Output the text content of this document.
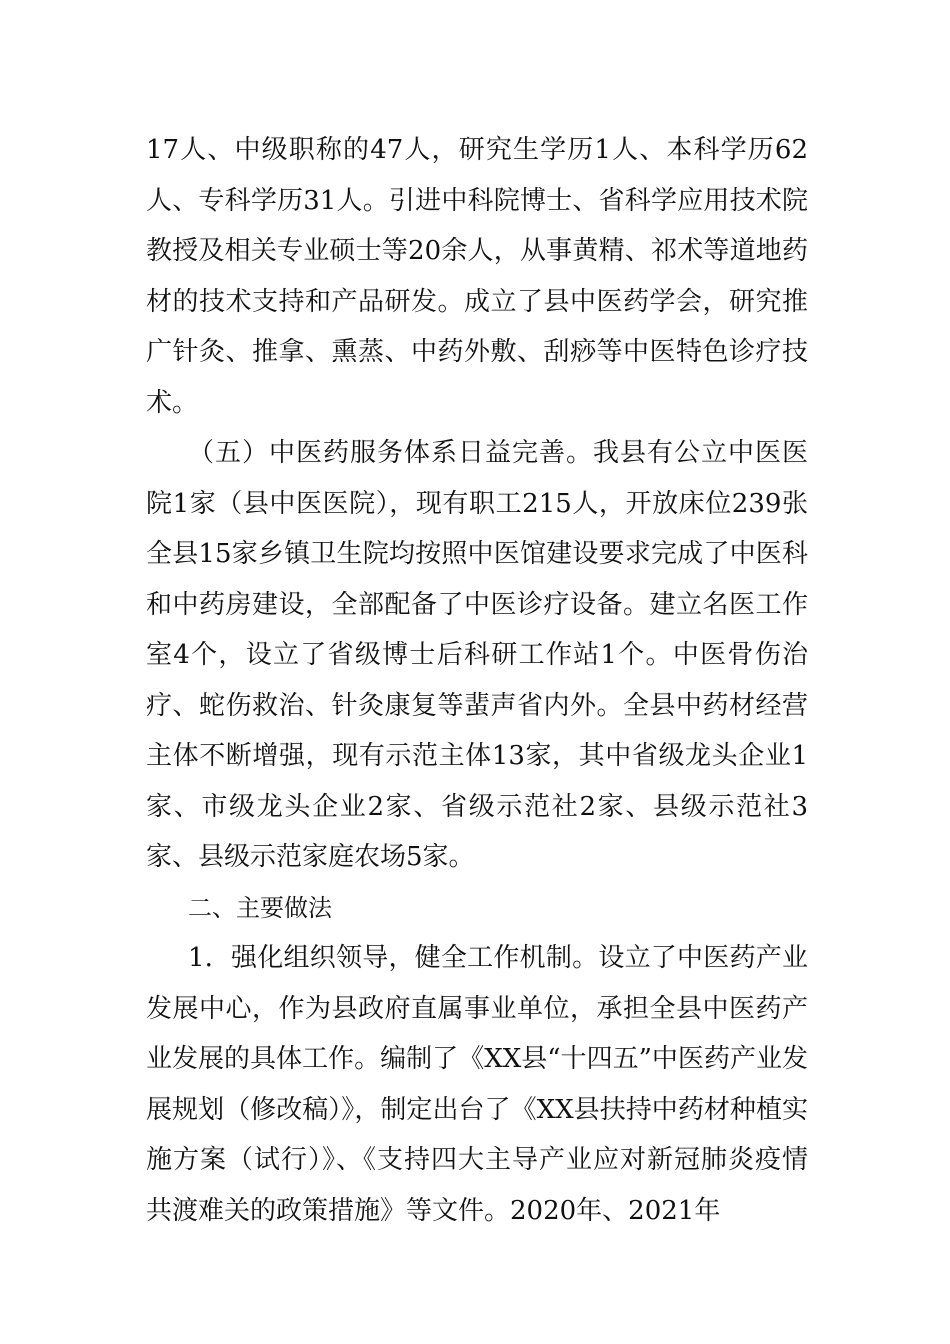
17人、中级职称的47人，研究生学历1人、本科学历62人、专科学历31人。引进中科院博士、省科学应用技术院教授及相关专业硕士等20余人，从事黄精、祁术等道地药材的技术支持和产品研发。成立了县中医药学会，研究推广针灸、推拿、熏蒸、中药外敷、刮痧等中医特色诊疗技术。

（五）中医药服务体系日益完善。我县有公立中医医院1家（县中医医院），现有职工215人，开放床位239张全县15家乡镇卫生院均按照中医馆建设要求完成了中医科和中药房建设，全部配备了中医诊疗设备。建立名医工作室4个，设立了省级博士后科研工作站1个。中医骨伤治疗、蛇伤救治、针灸康复等蜚声省内外。全县中药材经营主体不断增强，现有示范主体13家，其中省级龙头企业1家、市级龙头企业2家、省级示范社2家、县级示范社3家、县级示范家庭农场5家。

二、主要做法

1．强化组织领导，健全工作机制。设立了中医药产业发展中心，作为县政府直属事业单位，承担全县中医药产业发展的具体工作。编制了《XX县“十四五”中医药产业发展规划（修改稿）》，制定出台了《XX县扶持中药材种植实施方案（试行）》、《支持四大主导产业应对新冠肺炎疫情共渡难关的政策措施》等文件。2020年、2021年
